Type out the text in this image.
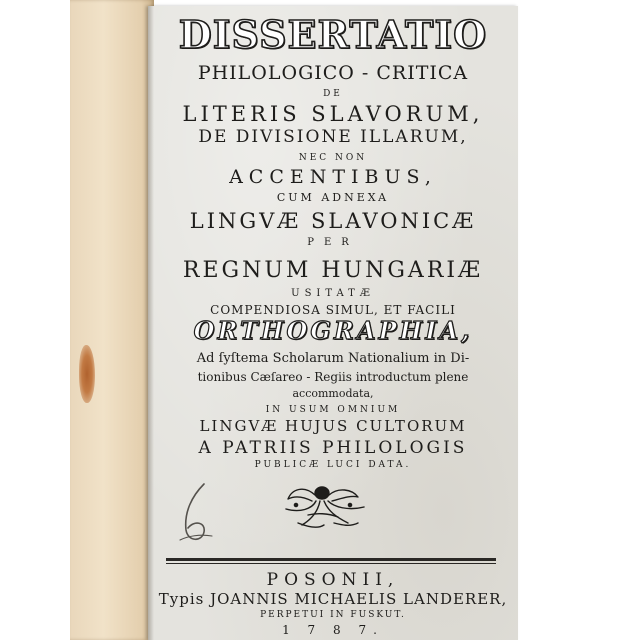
DISSERTATIO
PHILOLOGICO - CRITICA
DE
LITERIS SLAVORUM,
DE DIVISIONE ILLARUM,
NEC NON
ACCENTIBUS,
CUM ADNEXA
LINGVÆ SLAVONICÆ
PER
REGNUM HUNGARIÆ
USITATÆ
COMPENDIOSA SIMUL, ET FACILI
ORTHOGRAPHIA,
Ad ſyſtema Scholarum Nationalium in Di-
tionibus Cæſareo - Regiis introductum plene
accommodata,
IN USUM OMNIUM
LINGVÆ HUJUS CULTORUM
A PATRIIS PHILOLOGIS
PUBLICÆ LUCI DATA.
POSONII,
Typis JOANNIS MICHAELIS LANDERER,
PERPETUI IN FUSKUT.
1 7 8 7.
